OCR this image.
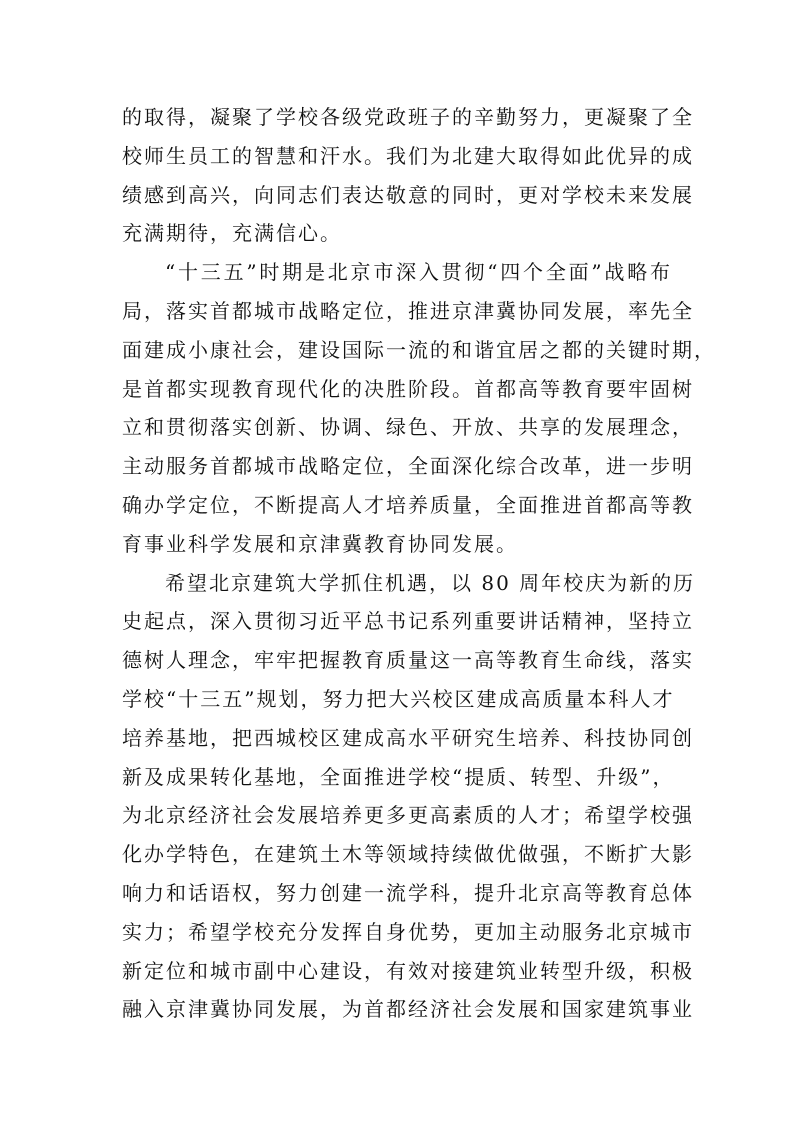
的取得，凝聚了学校各级党政班子的辛勤努力，更凝聚了全
校师生员工的智慧和汗水。我们为北建大取得如此优异的成
绩感到高兴，向同志们表达敬意的同时，更对学校未来发展
充满期待，充满信心。
“十三五”时期是北京市深入贯彻“四个全面”战略布
局，落实首都城市战略定位，推进京津冀协同发展，率先全
面建成小康社会，建设国际一流的和谐宜居之都的关键时期，
是首都实现教育现代化的决胜阶段。首都高等教育要牢固树
立和贯彻落实创新、协调、绿色、开放、共享的发展理念，
主动服务首都城市战略定位，全面深化综合改革，进一步明
确办学定位，不断提高人才培养质量，全面推进首都高等教
育事业科学发展和京津冀教育协同发展。
希望北京建筑大学抓住机遇，以 80 周年校庆为新的历
史起点，深入贯彻习近平总书记系列重要讲话精神，坚持立
德树人理念，牢牢把握教育质量这一高等教育生命线，落实
学校“十三五”规划，努力把大兴校区建成高质量本科人才
培养基地，把西城校区建成高水平研究生培养、科技协同创
新及成果转化基地，全面推进学校“提质、转型、升级”，
为北京经济社会发展培养更多更高素质的人才；希望学校强
化办学特色，在建筑土木等领域持续做优做强，不断扩大影
响力和话语权，努力创建一流学科，提升北京高等教育总体
实力；希望学校充分发挥自身优势，更加主动服务北京城市
新定位和城市副中心建设，有效对接建筑业转型升级，积极
融入京津冀协同发展，为首都经济社会发展和国家建筑事业
